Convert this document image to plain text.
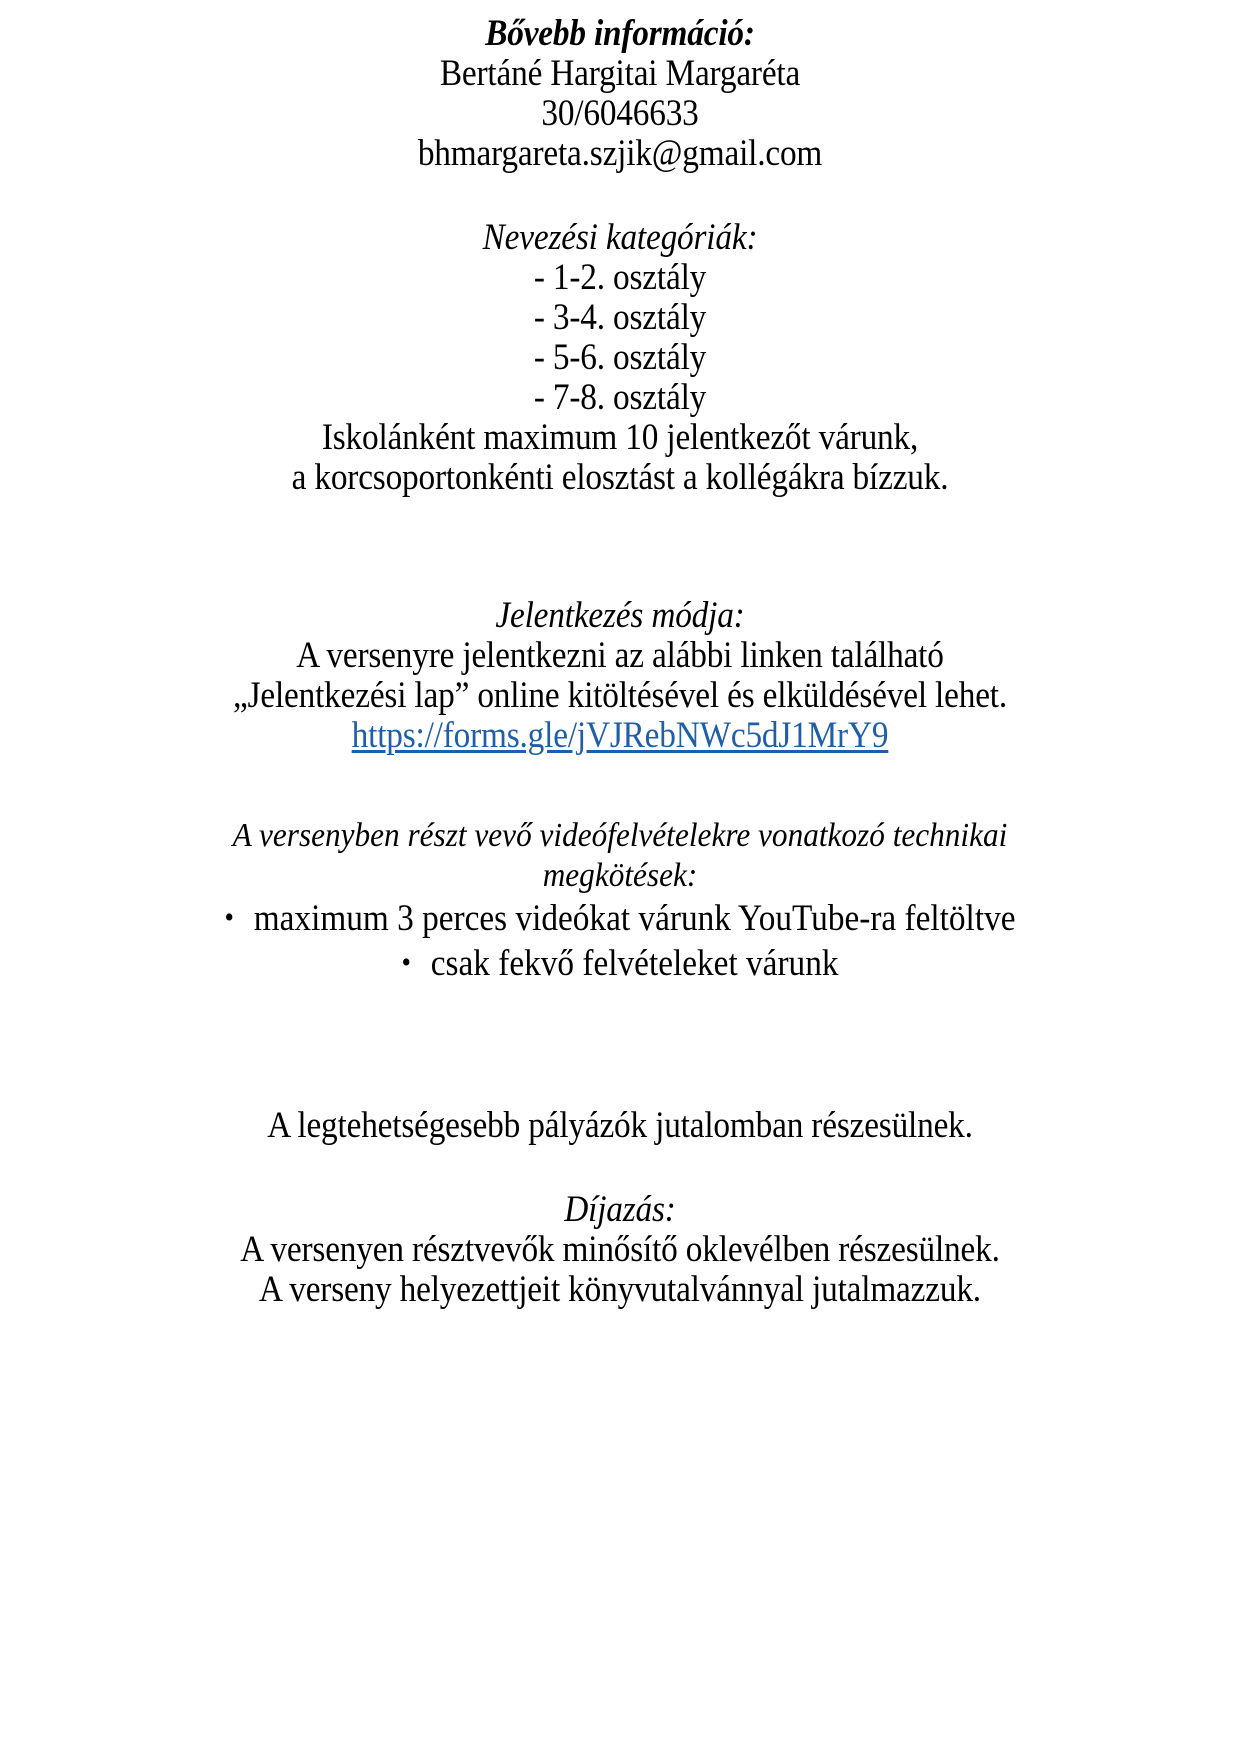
Bővebb információ:
Bertáné Hargitai Margaréta
30/6046633
bhmargareta.szjik@gmail.com
Nevezési kategóriák:
- 1-2. osztály
- 3-4. osztály
- 5-6. osztály
- 7-8. osztály
Iskolánként maximum 10 jelentkezőt várunk,
a korcsoportonkénti elosztást a kollégákra bízzuk.
Jelentkezés módja:
A versenyre jelentkezni az alábbi linken található
„Jelentkezési lap” online kitöltésével és elküldésével lehet.
https://forms.gle/jVJRebNWc5dJ1MrY9
A versenyben részt vevő videófelvételekre vonatkozó technikai
megkötések:
• maximum 3 perces videókat várunk YouTube-ra feltöltve
• csak fekvő felvételeket várunk
A legtehetségesebb pályázók jutalomban részesülnek.
Díjazás:
A versenyen résztvevők minősítő oklevélben részesülnek.
A verseny helyezettjeit könyvutalvánnyal jutalmazzuk.
